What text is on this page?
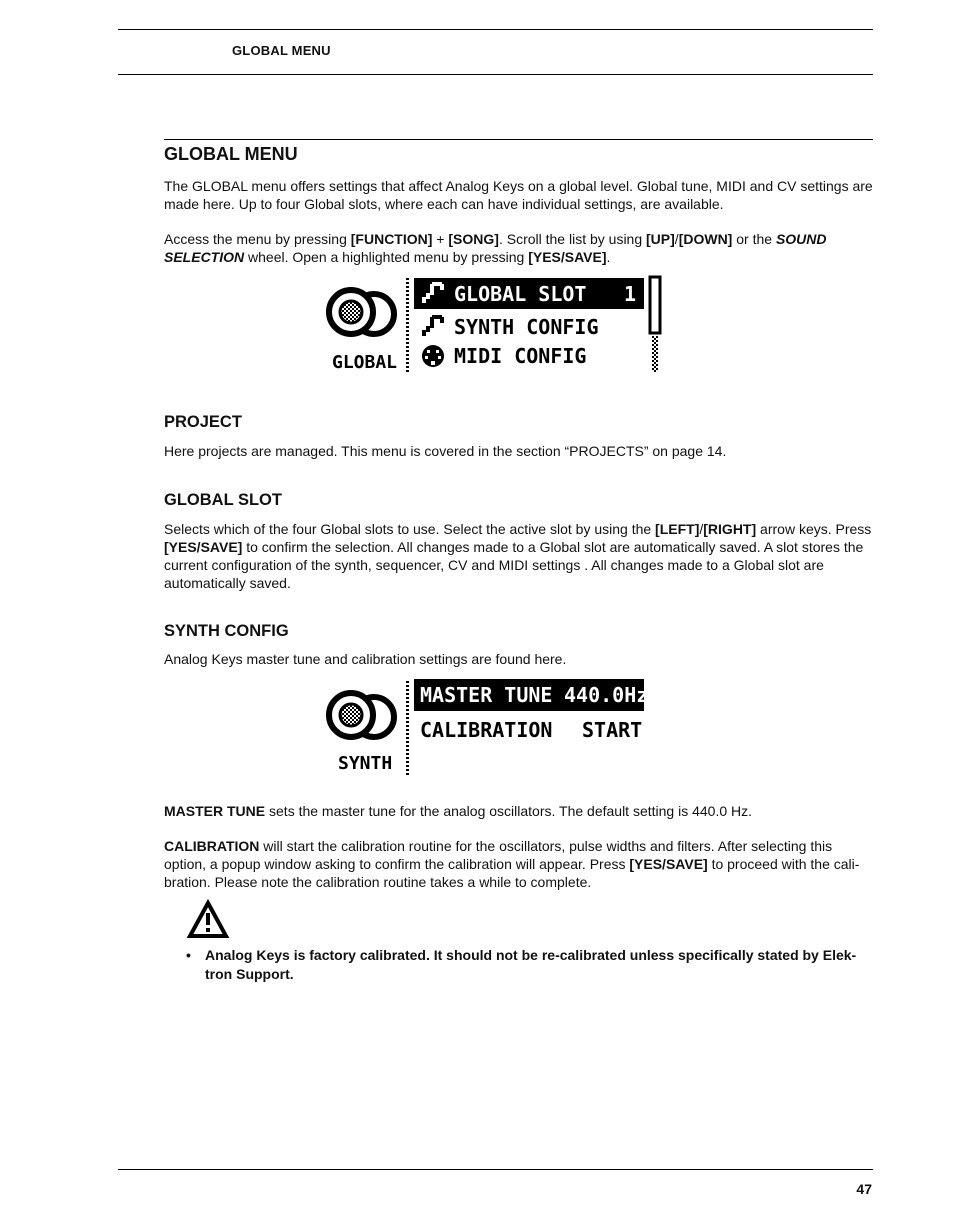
GLOBAL MENU
GLOBAL MENU

The GLOBAL menu offers settings that affect Analog Keys on a global level. Global tune, MIDI and CV settings are made here. Up to four Global slots, where each can have individual settings, are available.

Access the menu by pressing [FUNCTION] + [SONG]. Scroll the list by using [UP]/[DOWN] or the SOUND SELECTION wheel. Open a highlighted menu by pressing [YES/SAVE].

GLOBAL
GLOBAL SLOT 1
SYNTH CONFIG
MIDI CONFIG
PROJECT

Here projects are managed. This menu is covered in the section “PROJECTS” on page 14.

GLOBAL SLOT

Selects which of the four Global slots to use. Select the active slot by using the [LEFT]/[RIGHT] arrow keys. Press [YES/SAVE] to confirm the selection. All changes made to a Global slot are automatically saved. A slot stores the current configuration of the synth, sequencer, CV and MIDI settings . All changes made to a Global slot are automatically saved.

SYNTH CONFIG

Analog Keys master tune and calibration settings are found here.

SYNTH
MASTER TUNE 440.0Hz
CALIBRATION START

MASTER TUNE sets the master tune for the analog oscillators. The default setting is 440.0 Hz.

CALIBRATION will start the calibration routine for the oscillators, pulse widths and filters. After selecting this option, a popup window asking to confirm the calibration will appear. Press [YES/SAVE] to proceed with the cali-bration. Please note the calibration routine takes a while to complete.

• Analog Keys is factory calibrated. It should not be re-calibrated unless specifically stated by Elek-tron Support.
47
